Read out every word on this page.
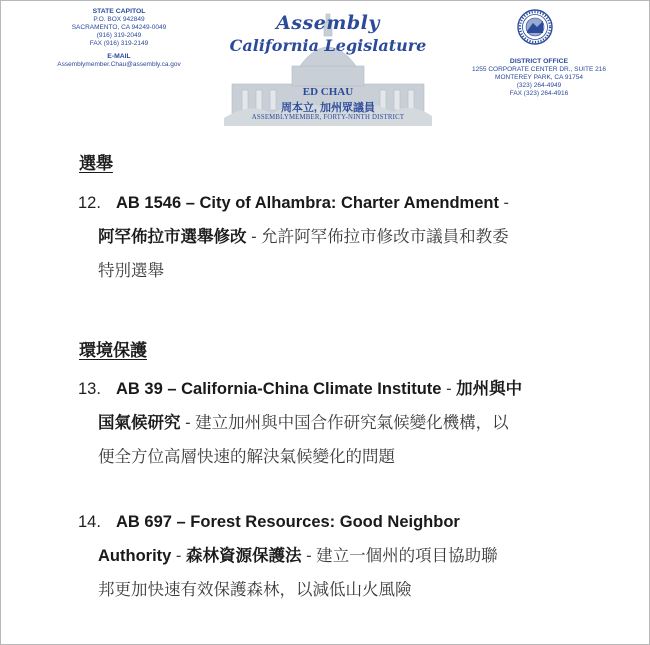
STATE CAPITOL
P.O. BOX 942849
SACRAMENTO, CA 94249-0049
(916) 319-2049
FAX (916) 319-2149
E-MAIL
Assemblymember.Chau@assembly.ca.gov
Assembly
California Legislature
ED CHAU
周本立, 加州眾議員
ASSEMBLYMEMBER, FORTY-NINTH DISTRICT
DISTRICT OFFICE
1255 CORPORATE CENTER DR., SUITE 216
MONTEREY PARK, CA 91754
(323) 264-4949
FAX (323) 264-4916
選舉
12. AB 1546 – City of Alhambra: Charter Amendment -
阿罕佈拉市選舉修改 - 允許阿罕佈拉市修改市議員和教委
特別選舉
環境保護
13. AB 39 – California-China Climate Institute - 加州與中
国氣候研究 - 建立加州與中国合作研究氣候變化機構，以
便全方位高層快速的解決氣候變化的問題
14. AB 697 – Forest Resources: Good Neighbor
Authority - 森林資源保護法 - 建立一個州的項目協助聯
邦更加快速有效保護森林，以減低山火風險
